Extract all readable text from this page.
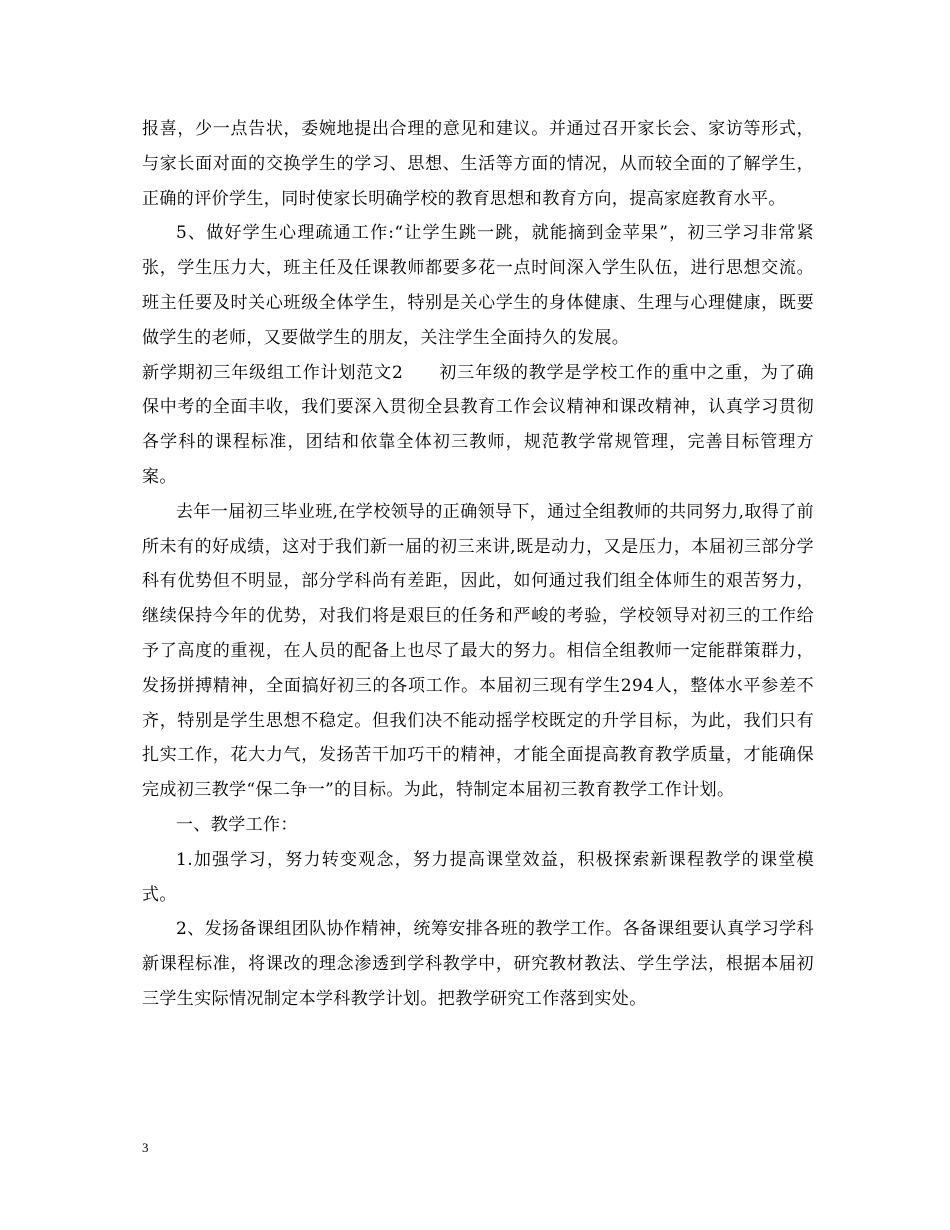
报喜，少一点告状，委婉地提出合理的意见和建议。并通过召开家长会、家访等形式，与家长面对面的交换学生的学习、思想、生活等方面的情况，从而较全面的了解学生，正确的评价学生，同时使家长明确学校的教育思想和教育方向，提高家庭教育水平。

5、做好学生心理疏通工作:“让学生跳一跳，就能摘到金苹果”，初三学习非常紧张，学生压力大，班主任及任课教师都要多花一点时间深入学生队伍，进行思想交流。班主任要及时关心班级全体学生，特别是关心学生的身体健康、生理与心理健康，既要做学生的老师，又要做学生的朋友，关注学生全面持久的发展。

新学期初三年级组工作计划范文2　　初三年级的教学是学校工作的重中之重，为了确保中考的全面丰收，我们要深入贯彻全县教育工作会议精神和课改精神，认真学习贯彻各学科的课程标准，团结和依靠全体初三教师，规范教学常规管理，完善目标管理方案。

去年一届初三毕业班,在学校领导的正确领导下，通过全组教师的共同努力,取得了前所未有的好成绩，这对于我们新一届的初三来讲,既是动力，又是压力，本届初三部分学科有优势但不明显，部分学科尚有差距，因此，如何通过我们组全体师生的艰苦努力，继续保持今年的优势，对我们将是艰巨的任务和严峻的考验，学校领导对初三的工作给予了高度的重视，在人员的配备上也尽了最大的努力。相信全组教师一定能群策群力，发扬拼搏精神，全面搞好初三的各项工作。本届初三现有学生294人，整体水平参差不齐，特别是学生思想不稳定。但我们决不能动摇学校既定的升学目标，为此，我们只有扎实工作，花大力气，发扬苦干加巧干的精神，才能全面提高教育教学质量，才能确保完成初三教学“保二争一”的目标。为此，特制定本届初三教育教学工作计划。

一、教学工作：

1.加强学习，努力转变观念，努力提高课堂效益，积极探索新课程教学的课堂模式。

2、发扬备课组团队协作精神，统筹安排各班的教学工作。各备课组要认真学习学科新课程标准，将课改的理念渗透到学科教学中，研究教材教法、学生学法，根据本届初三学生实际情况制定本学科教学计划。把教学研究工作落到实处。

3
